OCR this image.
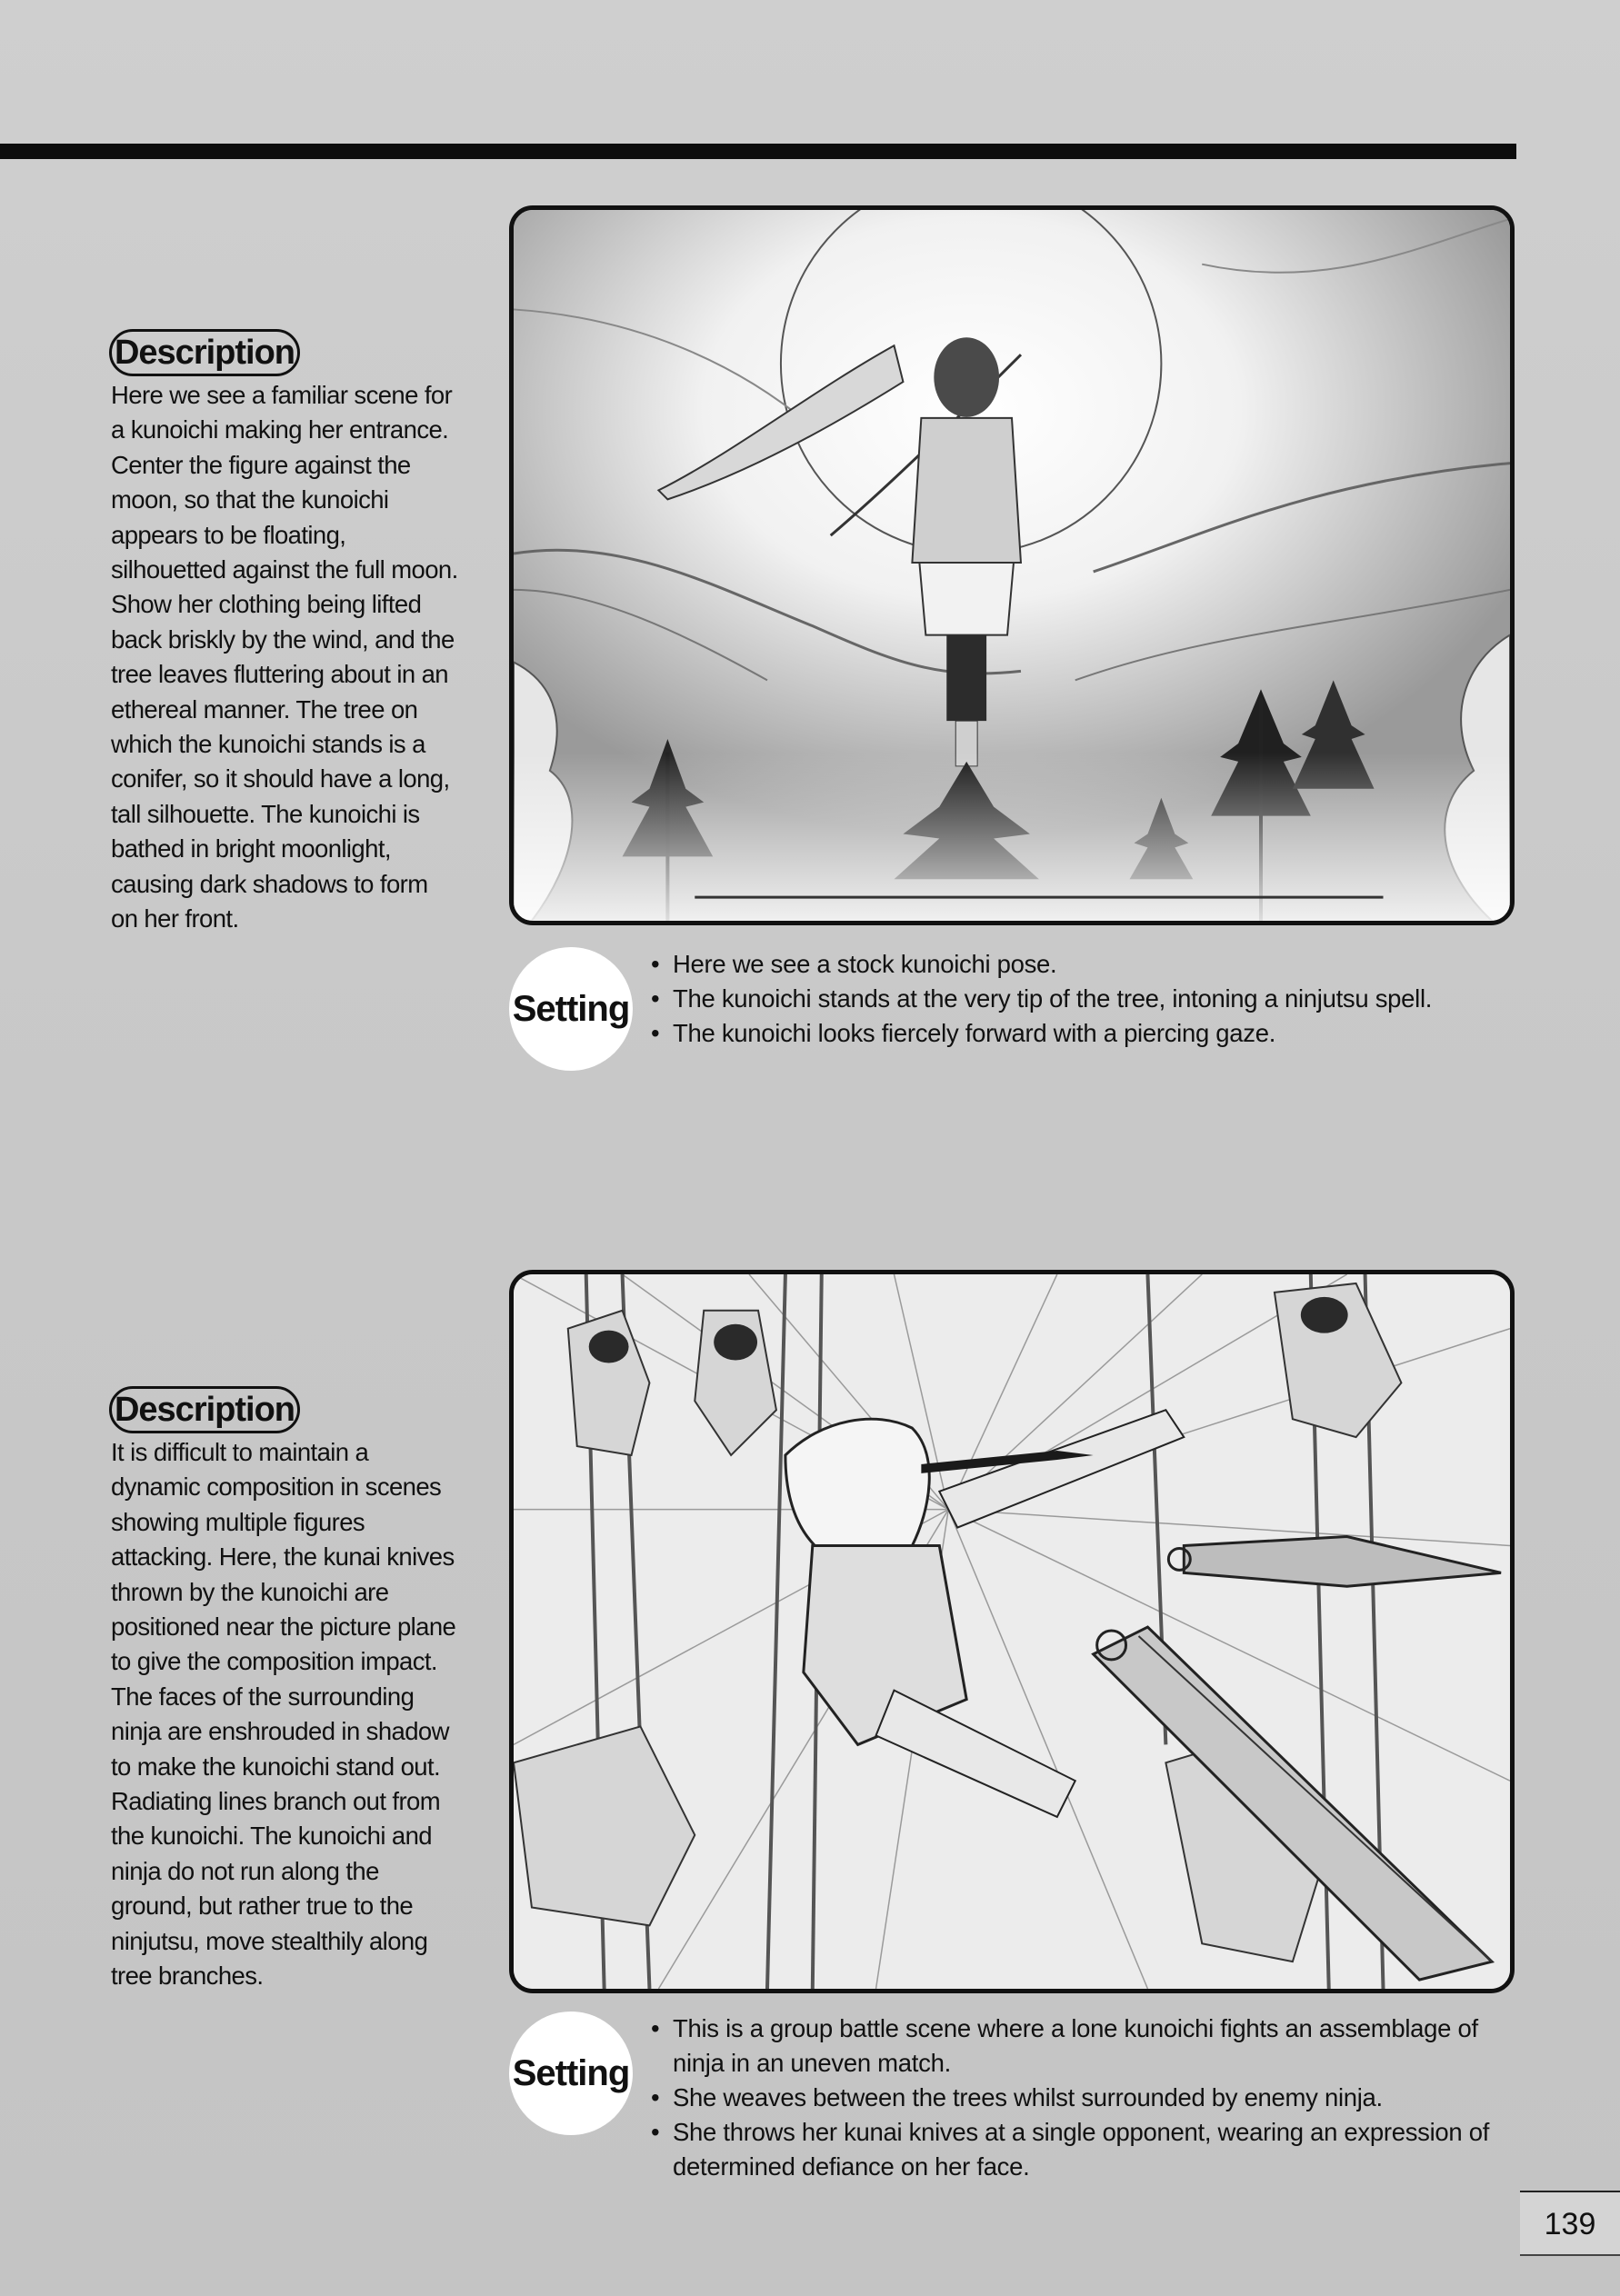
Description
Here we see a familiar scene for
a kunoichi making her entrance.
Center the figure against the
moon, so that the kunoichi
appears to be floating,
silhouetted against the full moon.
Show her clothing being lifted
back briskly by the wind, and the
tree leaves fluttering about in an
ethereal manner. The tree on
which the kunoichi stands is a
conifer, so it should have a long,
tall silhouette. The kunoichi is
bathed in bright moonlight,
causing dark shadows to form
on her front.
Setting
• Here we see a stock kunoichi pose.
• The kunoichi stands at the very tip of the tree, intoning a ninjutsu spell.
• The kunoichi looks fiercely forward with a piercing gaze.
Description
It is difficult to maintain a
dynamic composition in scenes
showing multiple figures
attacking. Here, the kunai knives
thrown by the kunoichi are
positioned near the picture plane
to give the composition impact.
The faces of the surrounding
ninja are enshrouded in shadow
to make the kunoichi stand out.
Radiating lines branch out from
the kunoichi. The kunoichi and
ninja do not run along the
ground, but rather true to the
ninjutsu, move stealthily along
tree branches.
Setting
• This is a group battle scene where a lone kunoichi fights an assemblage of ninja in an uneven match.
• She weaves between the trees whilst surrounded by enemy ninja.
• She throws her kunai knives at a single opponent, wearing an expression of determined defiance on her face.
139
